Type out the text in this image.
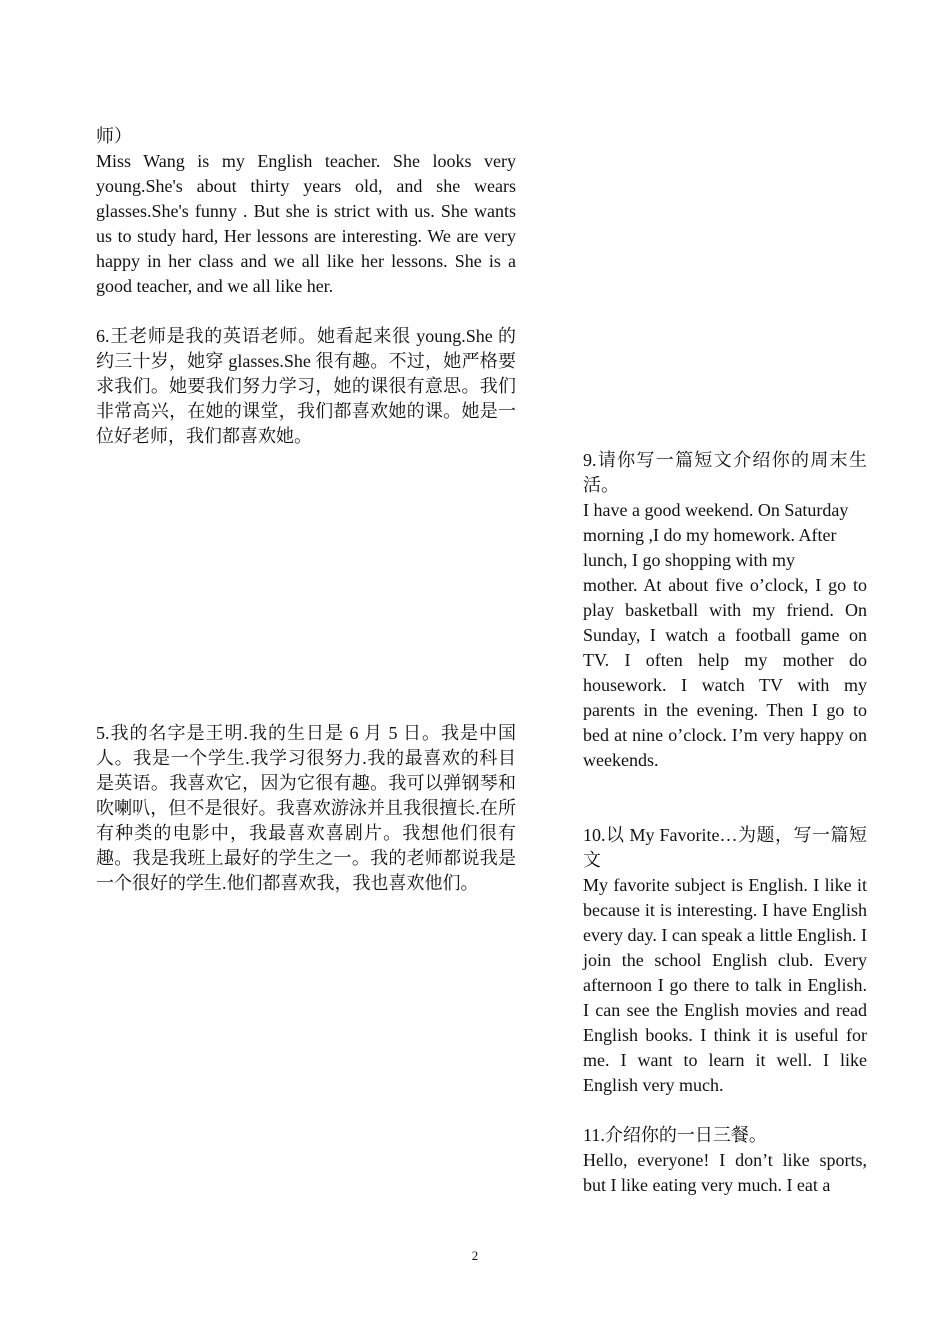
师）

Miss Wang is my English teacher. She looks very young.She's about thirty years old, and she wears glasses.She's funny . But she is strict with us. She wants us to study hard, Her lessons are interesting. We are very happy in her class and we all like her lessons. She is a good teacher, and we all like her.

6.王老师是我的英语老师。她看起来很 young.She 的约三十岁，她穿 glasses.She 很有趣。不过，她严格要求我们。她要我们努力学习，她的课很有意思。我们非常高兴，在她的课堂，我们都喜欢她的课。她是一位好老师，我们都喜欢她。

5.我的名字是王明.我的生日是 6 月 5 日。我是中国人。我是一个学生.我学习很努力.我的最喜欢的科目是英语。我喜欢它，因为它很有趣。我可以弹钢琴和吹喇叭，但不是很好。我喜欢游泳并且我很擅长.在所有种类的电影中，我最喜欢喜剧片。我想他们很有趣。我是我班上最好的学生之一。我的老师都说我是一个很好的学生.他们都喜欢我，我也喜欢他们。

9.请你写一篇短文介绍你的周末生活。

I have a good weekend. On Saturday morning ,I do my homework. After lunch, I go shopping with my

mother. At about five o’clock, I go to play basketball with my friend. On Sunday, I watch a football game on TV. I often help my mother do housework. I watch TV with my parents in the evening. Then I go to bed at nine o’clock. I’m very happy on weekends.

10.以 My Favorite…为题，写一篇短文

My favorite subject is English. I like it because it is interesting. I have English every day. I can speak a little English. I join the school English club. Every afternoon I go there to talk in English. I can see the English movies and read English books. I think it is useful for me. I want to learn it well. I like English very much.

11.介绍你的一日三餐。

Hello, everyone! I don’t like sports, but I like eating very much. I eat a

2
